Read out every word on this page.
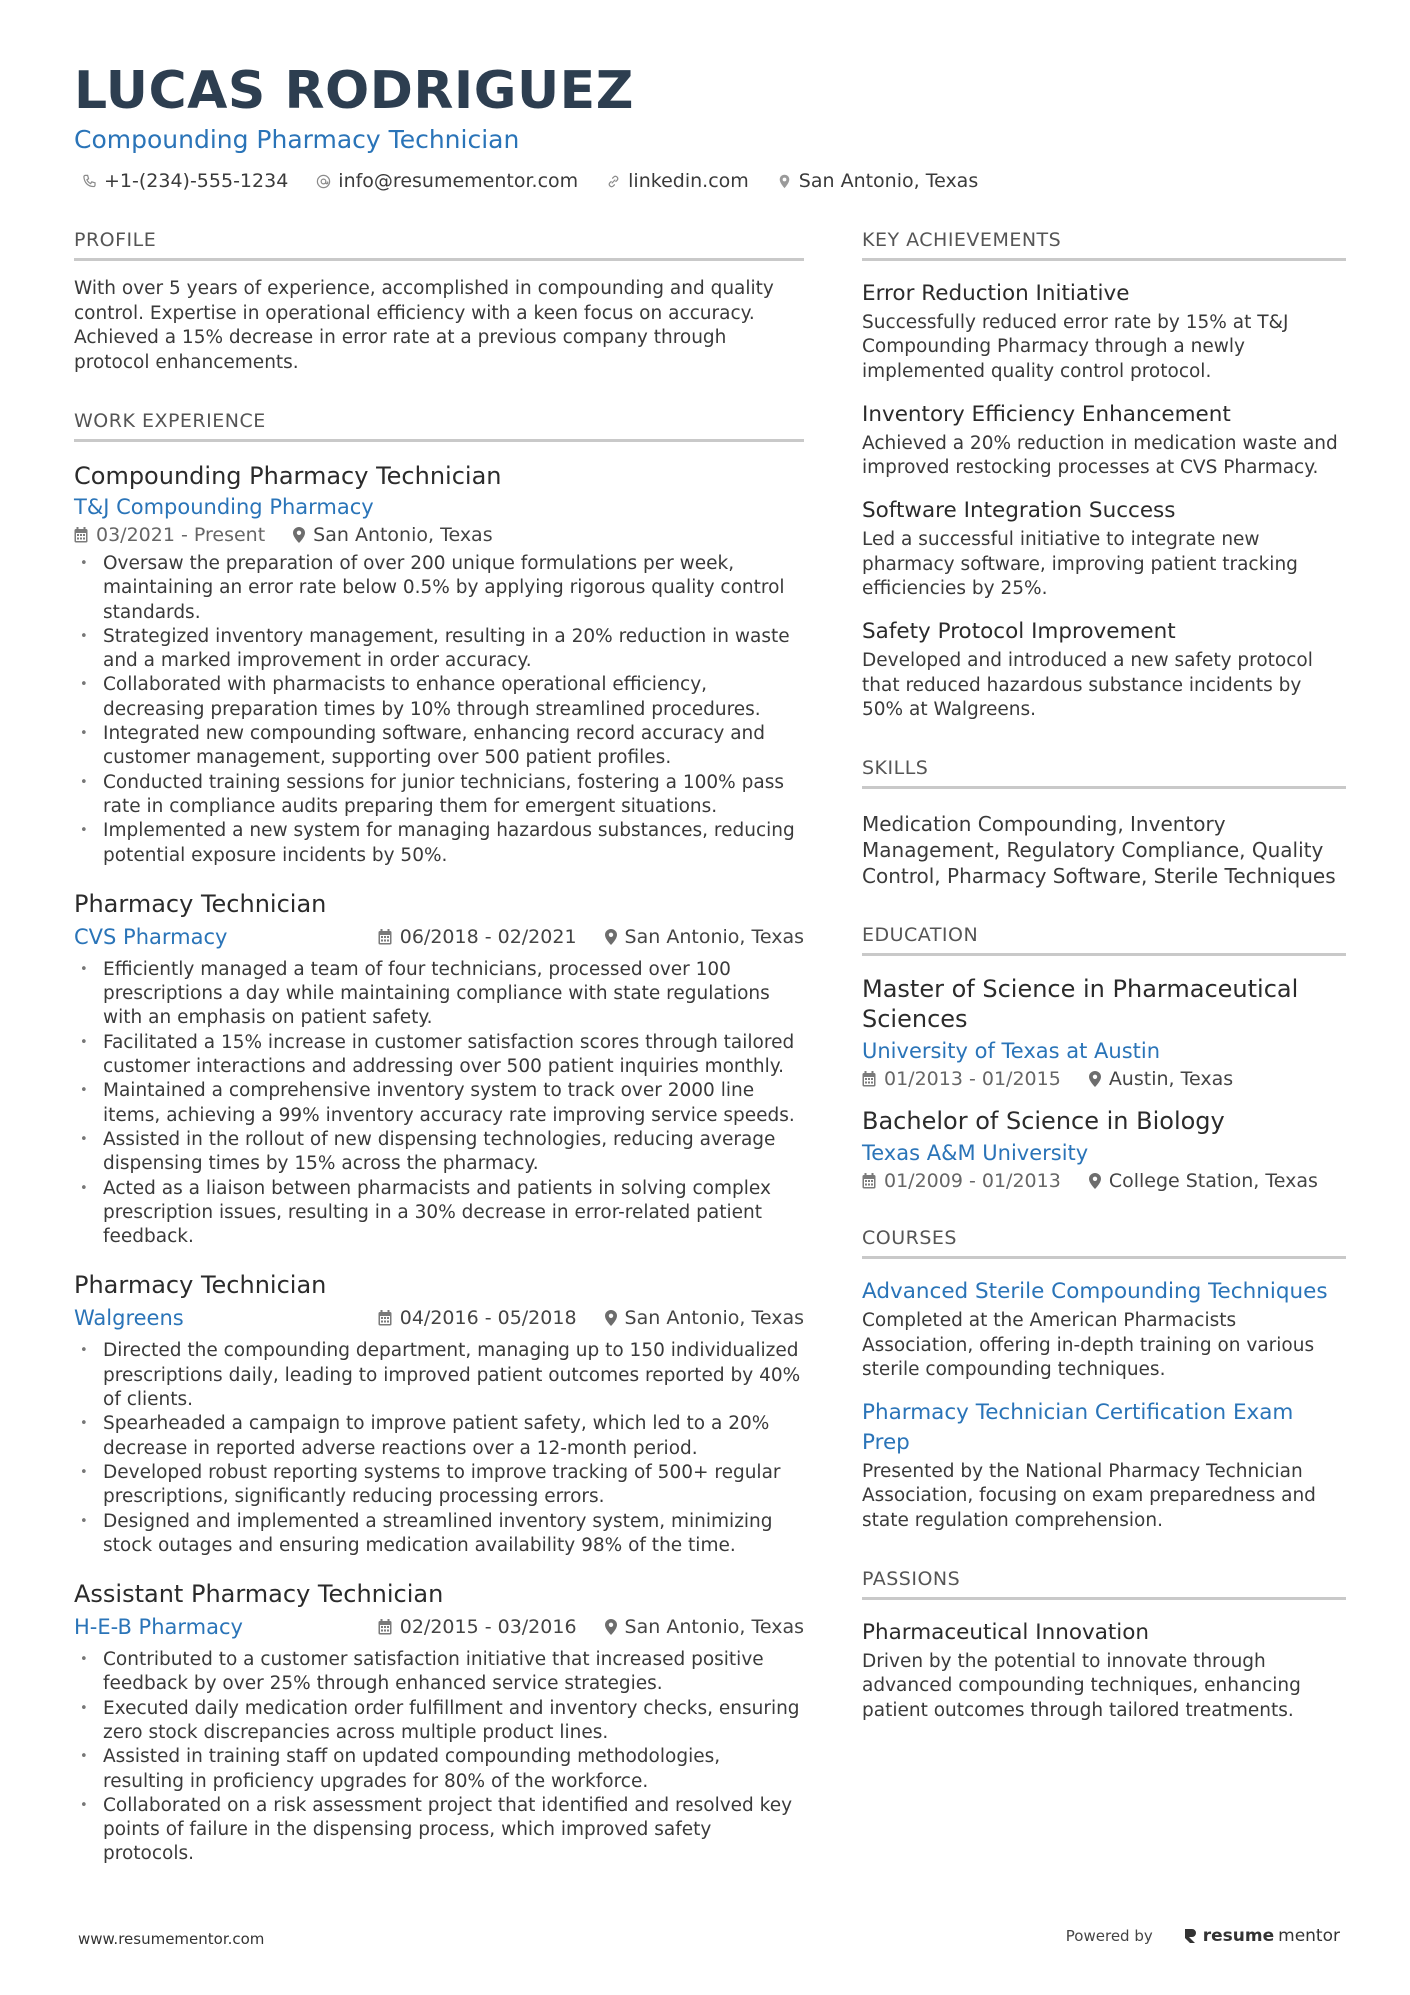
LUCAS RODRIGUEZ
Compounding Pharmacy Technician
+1-(234)-555-1234	info@resumementor.com	linkedin.com	San Antonio, Texas
PROFILE
With over 5 years of experience, accomplished in compounding and quality control. Expertise in operational efficiency with a keen focus on accuracy. Achieved a 15% decrease in error rate at a previous company through protocol enhancements.
WORK EXPERIENCE
Compounding Pharmacy Technician
T&J Compounding Pharmacy
03/2021 - Present	San Antonio, Texas
• Oversaw the preparation of over 200 unique formulations per week, maintaining an error rate below 0.5% by applying rigorous quality control standards.
• Strategized inventory management, resulting in a 20% reduction in waste and a marked improvement in order accuracy.
• Collaborated with pharmacists to enhance operational efficiency, decreasing preparation times by 10% through streamlined procedures.
• Integrated new compounding software, enhancing record accuracy and customer management, supporting over 500 patient profiles.
• Conducted training sessions for junior technicians, fostering a 100% pass rate in compliance audits preparing them for emergent situations.
• Implemented a new system for managing hazardous substances, reducing potential exposure incidents by 50%.
Pharmacy Technician
CVS Pharmacy	06/2018 - 02/2021	San Antonio, Texas
• Efficiently managed a team of four technicians, processed over 100 prescriptions a day while maintaining compliance with state regulations with an emphasis on patient safety.
• Facilitated a 15% increase in customer satisfaction scores through tailored customer interactions and addressing over 500 patient inquiries monthly.
• Maintained a comprehensive inventory system to track over 2000 line items, achieving a 99% inventory accuracy rate improving service speeds.
• Assisted in the rollout of new dispensing technologies, reducing average dispensing times by 15% across the pharmacy.
• Acted as a liaison between pharmacists and patients in solving complex prescription issues, resulting in a 30% decrease in error-related patient feedback.
Pharmacy Technician
Walgreens	04/2016 - 05/2018	San Antonio, Texas
• Directed the compounding department, managing up to 150 individualized prescriptions daily, leading to improved patient outcomes reported by 40% of clients.
• Spearheaded a campaign to improve patient safety, which led to a 20% decrease in reported adverse reactions over a 12-month period.
• Developed robust reporting systems to improve tracking of 500+ regular prescriptions, significantly reducing processing errors.
• Designed and implemented a streamlined inventory system, minimizing stock outages and ensuring medication availability 98% of the time.
Assistant Pharmacy Technician
H-E-B Pharmacy	02/2015 - 03/2016	San Antonio, Texas
• Contributed to a customer satisfaction initiative that increased positive feedback by over 25% through enhanced service strategies.
• Executed daily medication order fulfillment and inventory checks, ensuring zero stock discrepancies across multiple product lines.
• Assisted in training staff on updated compounding methodologies, resulting in proficiency upgrades for 80% of the workforce.
• Collaborated on a risk assessment project that identified and resolved key points of failure in the dispensing process, which improved safety protocols.
KEY ACHIEVEMENTS
Error Reduction Initiative
Successfully reduced error rate by 15% at T&J Compounding Pharmacy through a newly implemented quality control protocol.
Inventory Efficiency Enhancement
Achieved a 20% reduction in medication waste and improved restocking processes at CVS Pharmacy.
Software Integration Success
Led a successful initiative to integrate new pharmacy software, improving patient tracking efficiencies by 25%.
Safety Protocol Improvement
Developed and introduced a new safety protocol that reduced hazardous substance incidents by 50% at Walgreens.
SKILLS
Medication Compounding, Inventory Management, Regulatory Compliance, Quality Control, Pharmacy Software, Sterile Techniques
EDUCATION
Master of Science in Pharmaceutical Sciences
University of Texas at Austin
01/2013 - 01/2015	Austin, Texas
Bachelor of Science in Biology
Texas A&M University
01/2009 - 01/2013	College Station, Texas
COURSES
Advanced Sterile Compounding Techniques
Completed at the American Pharmacists Association, offering in-depth training on various sterile compounding techniques.
Pharmacy Technician Certification Exam Prep
Presented by the National Pharmacy Technician Association, focusing on exam preparedness and state regulation comprehension.
PASSIONS
Pharmaceutical Innovation
Driven by the potential to innovate through advanced compounding techniques, enhancing patient outcomes through tailored treatments.
www.resumementor.com	Powered by	resume mentor
